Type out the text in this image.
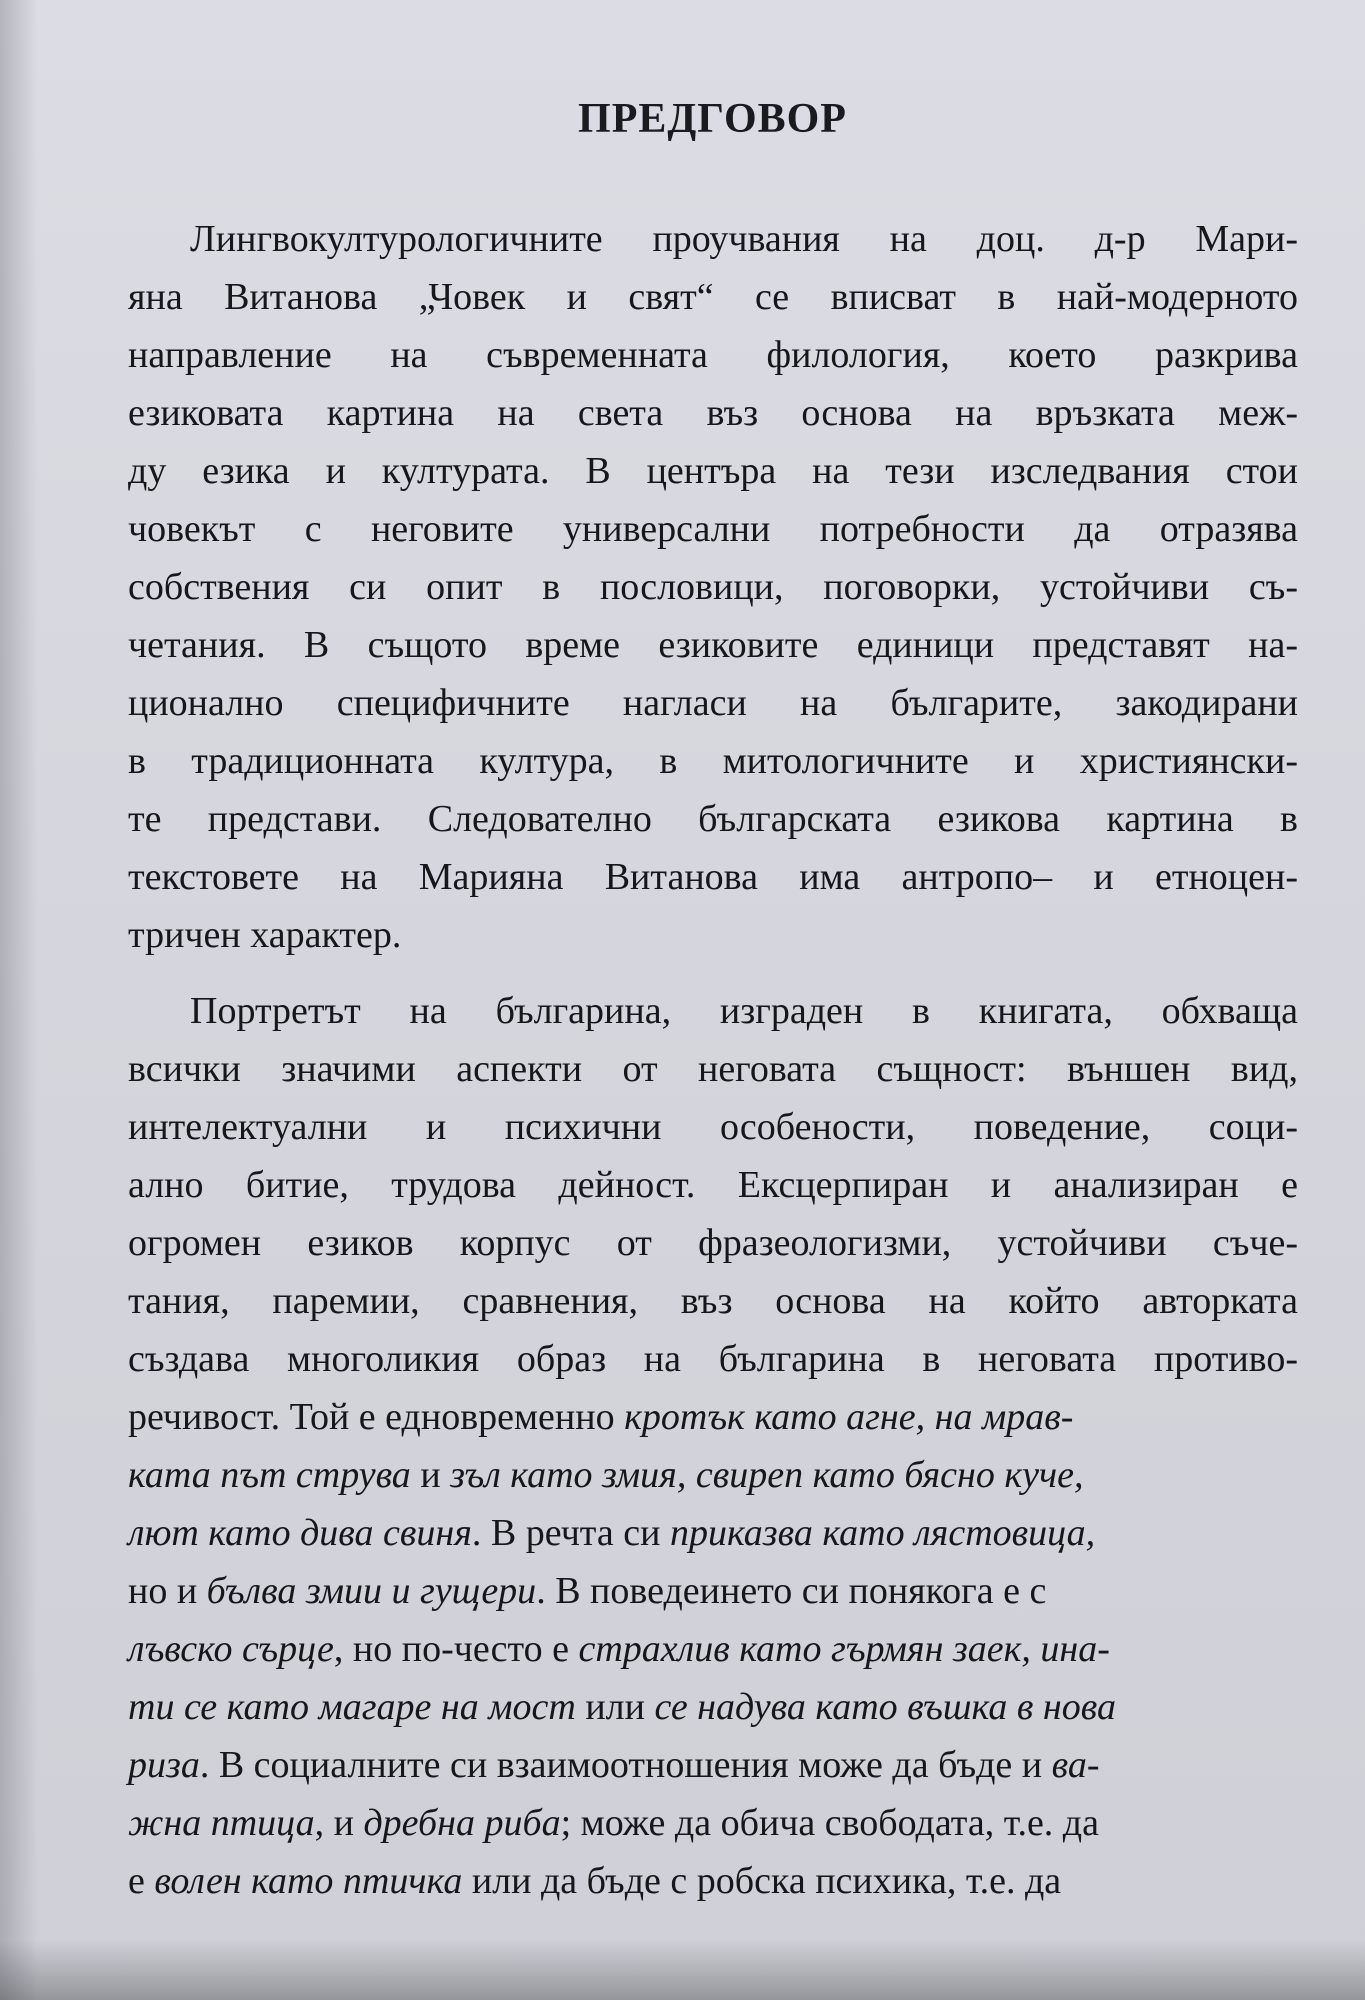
ПРЕДГОВОР
Лингвокултурологичните проучвания на доц. д-р Мари-
яна Витанова „Човек и свят“ се вписват в най-модерното
направление на съвременната филология, което разкрива
езиковата картина на света въз основа на връзката меж-
ду езика и културата. В центъра на тези изследвания стои
човекът с неговите универсални потребности да отразява
собствения си опит в пословици, поговорки, устойчиви съ-
четания. В същото време езиковите единици представят на-
ционално специфичните нагласи на българите, закодирани
в традиционната култура, в митологичните и християнски-
те представи. Следователно българската езикова картина в
текстовете на Марияна Витанова има антропо– и етноцен-
тричен характер.
Портретът на българина, изграден в книгата, обхваща
всички значими аспекти от неговата същност: външен вид,
интелектуални и психични особености, поведение, соци-
ално битие, трудова дейност. Ексцерпиран и анализиран е
огромен езиков корпус от фразеологизми, устойчиви съче-
тания, паремии, сравнения, въз основа на който авторката
създава многоликия образ на българина в неговата противо-
речивост. Той е едновременно кротък като агне, на мрав-
ката път струва и зъл като змия, свиреп като бясно куче,
лют като дива свиня. В речта си приказва като лястовица,
но и бълва змии и гущери. В поведеинето си понякога е с
лъвско сърце, но по-често е страхлив като гърмян заек, ина-
ти се като магаре на мост или се надува като въшка в нова
риза. В социалните си взаимоотношения може да бъде и ва-
жна птица, и дребна риба; може да обича свободата, т.е. да
е волен като птичка или да бъде с робска психика, т.е. да
